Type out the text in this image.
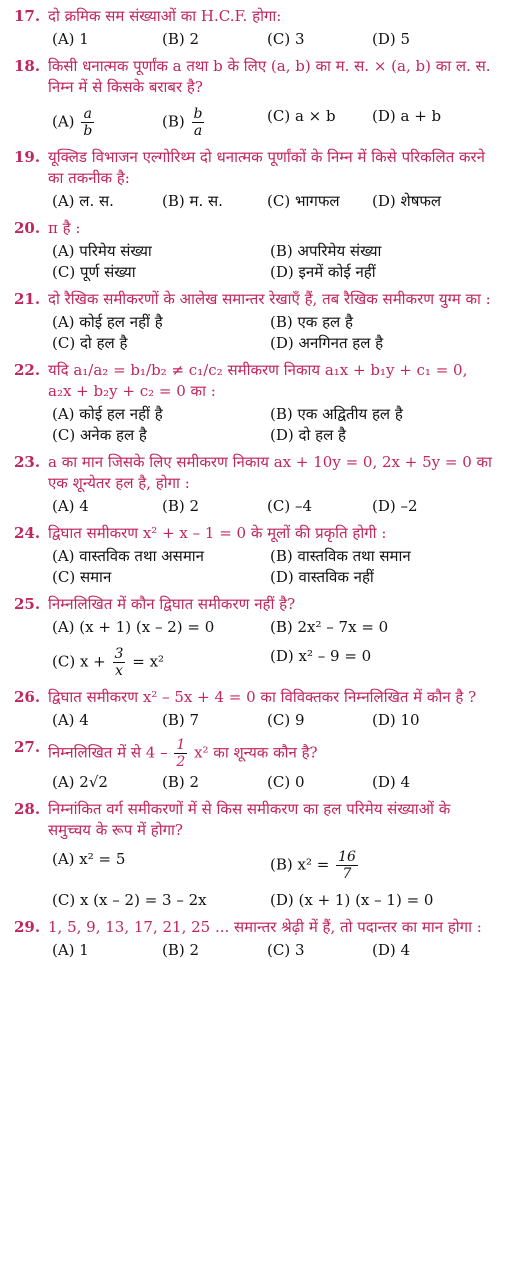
17. दो क्रमिक सम संख्याओं का H.C.F. होगा:
(A) 1	(B) 2	(C) 3	(D) 5
18. किसी धनात्मक पूर्णांक a तथा b के लिए (a, b) का म. स. × (a, b) का ल. स. निम्न में से किसके बराबर है?
$(A) \frac{a}{b}$	$(B) \frac{b}{a}$	(C) a × b	(D) a + b
19. यूक्लिड विभाजन एल्गोरिथ्म दो धनात्मक पूर्णांकों के निम्न में किसे परिकलित करने का तकनीक है:
(A) ल. स.	(B) म. स.	(C) भागफल	(D) शेषफल
20. π है :
(A) परिमेय संख्या	(B) अपरिमेय संख्या
(C) पूर्ण संख्या	(D) इनमें कोई नहीं
21. दो रैखिक समीकरणों के आलेख समान्तर रेखाएँ हैं, तब रैखिक समीकरण युग्म का :
(A) कोई हल नहीं है	(B) एक हल है
(C) दो हल है	(D) अनगिनत हल है
22. यदि a₁/a₂ = b₁/b₂ ≠ c₁/c₂ समीकरण निकाय a₁x + b₁y + c₁ = 0, a₂x + b₂y + c₂ = 0 का :
(A) कोई हल नहीं है	(B) एक अद्वितीय हल है
(C) अनेक हल है	(D) दो हल है
23. a का मान जिसके लिए समीकरण निकाय ax + 10y = 0, 2x + 5y = 0 का एक शून्येतर हल है, होगा :
(A) 4	(B) 2	(C) –4	(D) –2
24. द्विघात समीकरण x² + x – 1 = 0 के मूलों की प्रकृति होगी :
(A) वास्तविक तथा असमान	(B) वास्तविक तथा समान
(C) समान	(D) वास्तविक नहीं
25. निम्नलिखित में कौन द्विघात समीकरण नहीं है?
(A) (x + 1) (x – 2) = 0	(B) 2x² – 7x = 0
(C) $x + \frac{3}{x} = x^2$	(D) x² – 9 = 0
26. द्विघात समीकरण x² – 5x + 4 = 0 का विविक्तकर निम्नलिखित में कौन है ?
(A) 4	(B) 7	(C) 9	(D) 10
27. निम्नलिखित में से $4 - \frac{1}{2} x^2$ का शून्यक कौन है?
(A) 2√2	(B) 2	(C) 0	(D) 4
28. निम्नांकित वर्ग समीकरणों में से किस समीकरण का हल परिमेय संख्याओं के समुच्चय के रूप में होगा?
(A) x² = 5	(B) $x^2 = \frac{16}{7}$
(C) x (x – 2) = 3 – 2x	(D) (x + 1) (x – 1) = 0
29. 1, 5, 9, 13, 17, 21, 25 ... समान्तर श्रेढ़ी में हैं, तो पदान्तर का मान होगा :
(A) 1	(B) 2	(C) 3	(D) 4
